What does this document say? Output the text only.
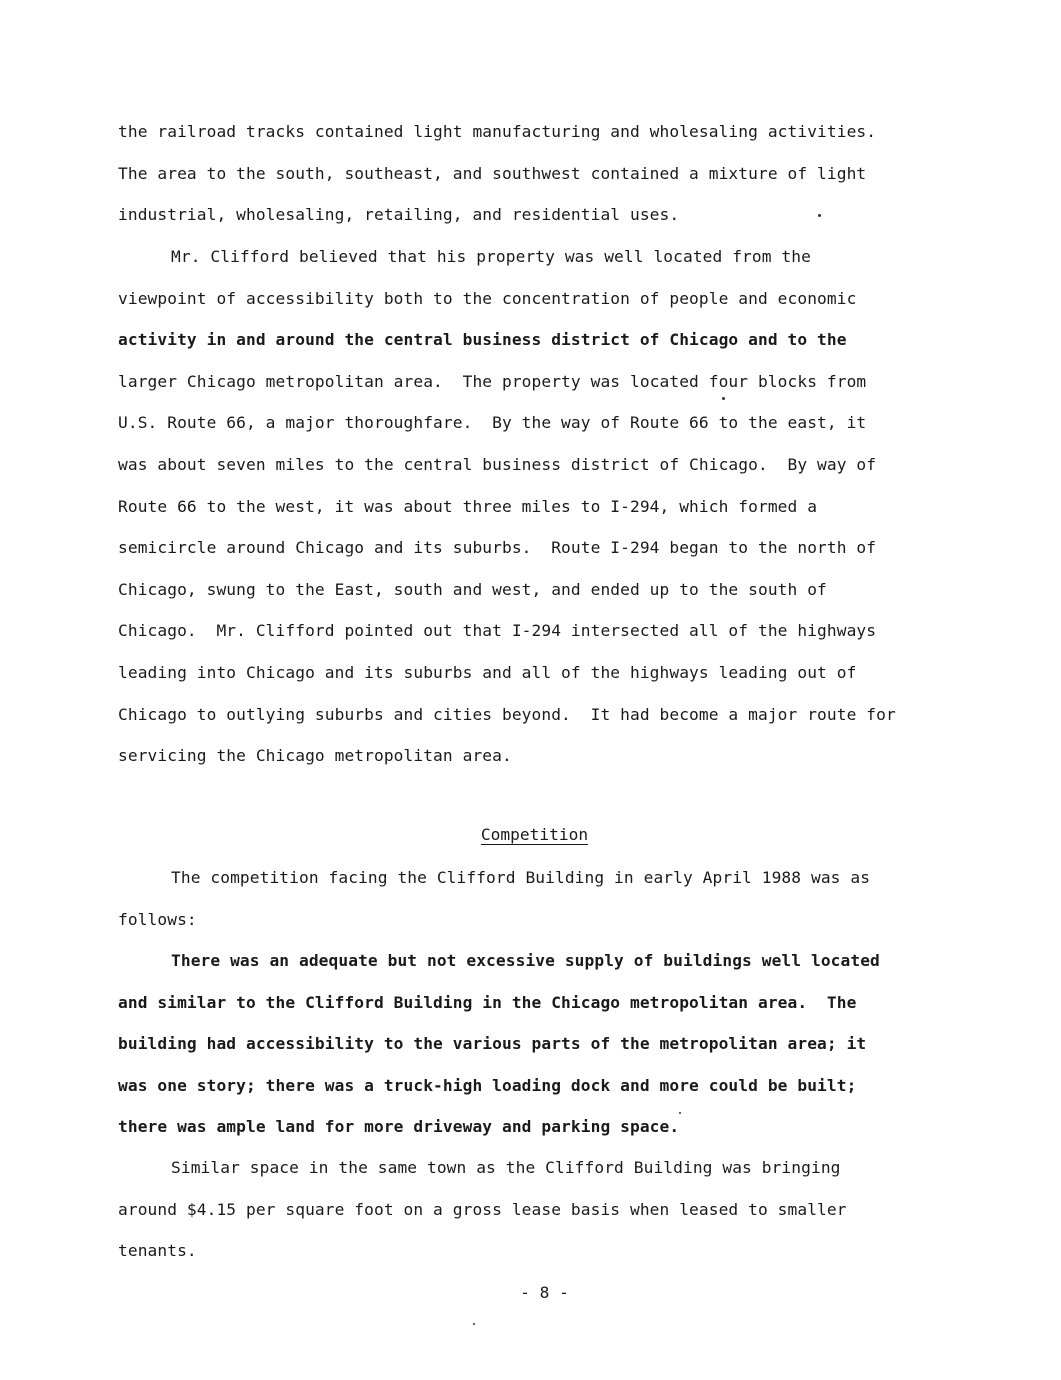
the railroad tracks contained light manufacturing and wholesaling activities.
The area to the south, southeast, and southwest contained a mixture of light
industrial, wholesaling, retailing, and residential uses.
Mr. Clifford believed that his property was well located from the
viewpoint of accessibility both to the concentration of people and economic
activity in and around the central business district of Chicago and to the
larger Chicago metropolitan area.  The property was located four blocks from
U.S. Route 66, a major thoroughfare.  By the way of Route 66 to the east, it
was about seven miles to the central business district of Chicago.  By way of
Route 66 to the west, it was about three miles to I-294, which formed a
semicircle around Chicago and its suburbs.  Route I-294 began to the north of
Chicago, swung to the East, south and west, and ended up to the south of
Chicago.  Mr. Clifford pointed out that I-294 intersected all of the highways
leading into Chicago and its suburbs and all of the highways leading out of
Chicago to outlying suburbs and cities beyond.  It had become a major route for
servicing the Chicago metropolitan area.
Competition
The competition facing the Clifford Building in early April 1988 was as
follows:
There was an adequate but not excessive supply of buildings well located
and similar to the Clifford Building in the Chicago metropolitan area.  The
building had accessibility to the various parts of the metropolitan area; it
was one story; there was a truck-high loading dock and more could be built;
there was ample land for more driveway and parking space.
Similar space in the same town as the Clifford Building was bringing
around $4.15 per square foot on a gross lease basis when leased to smaller
tenants.
- 8 -
